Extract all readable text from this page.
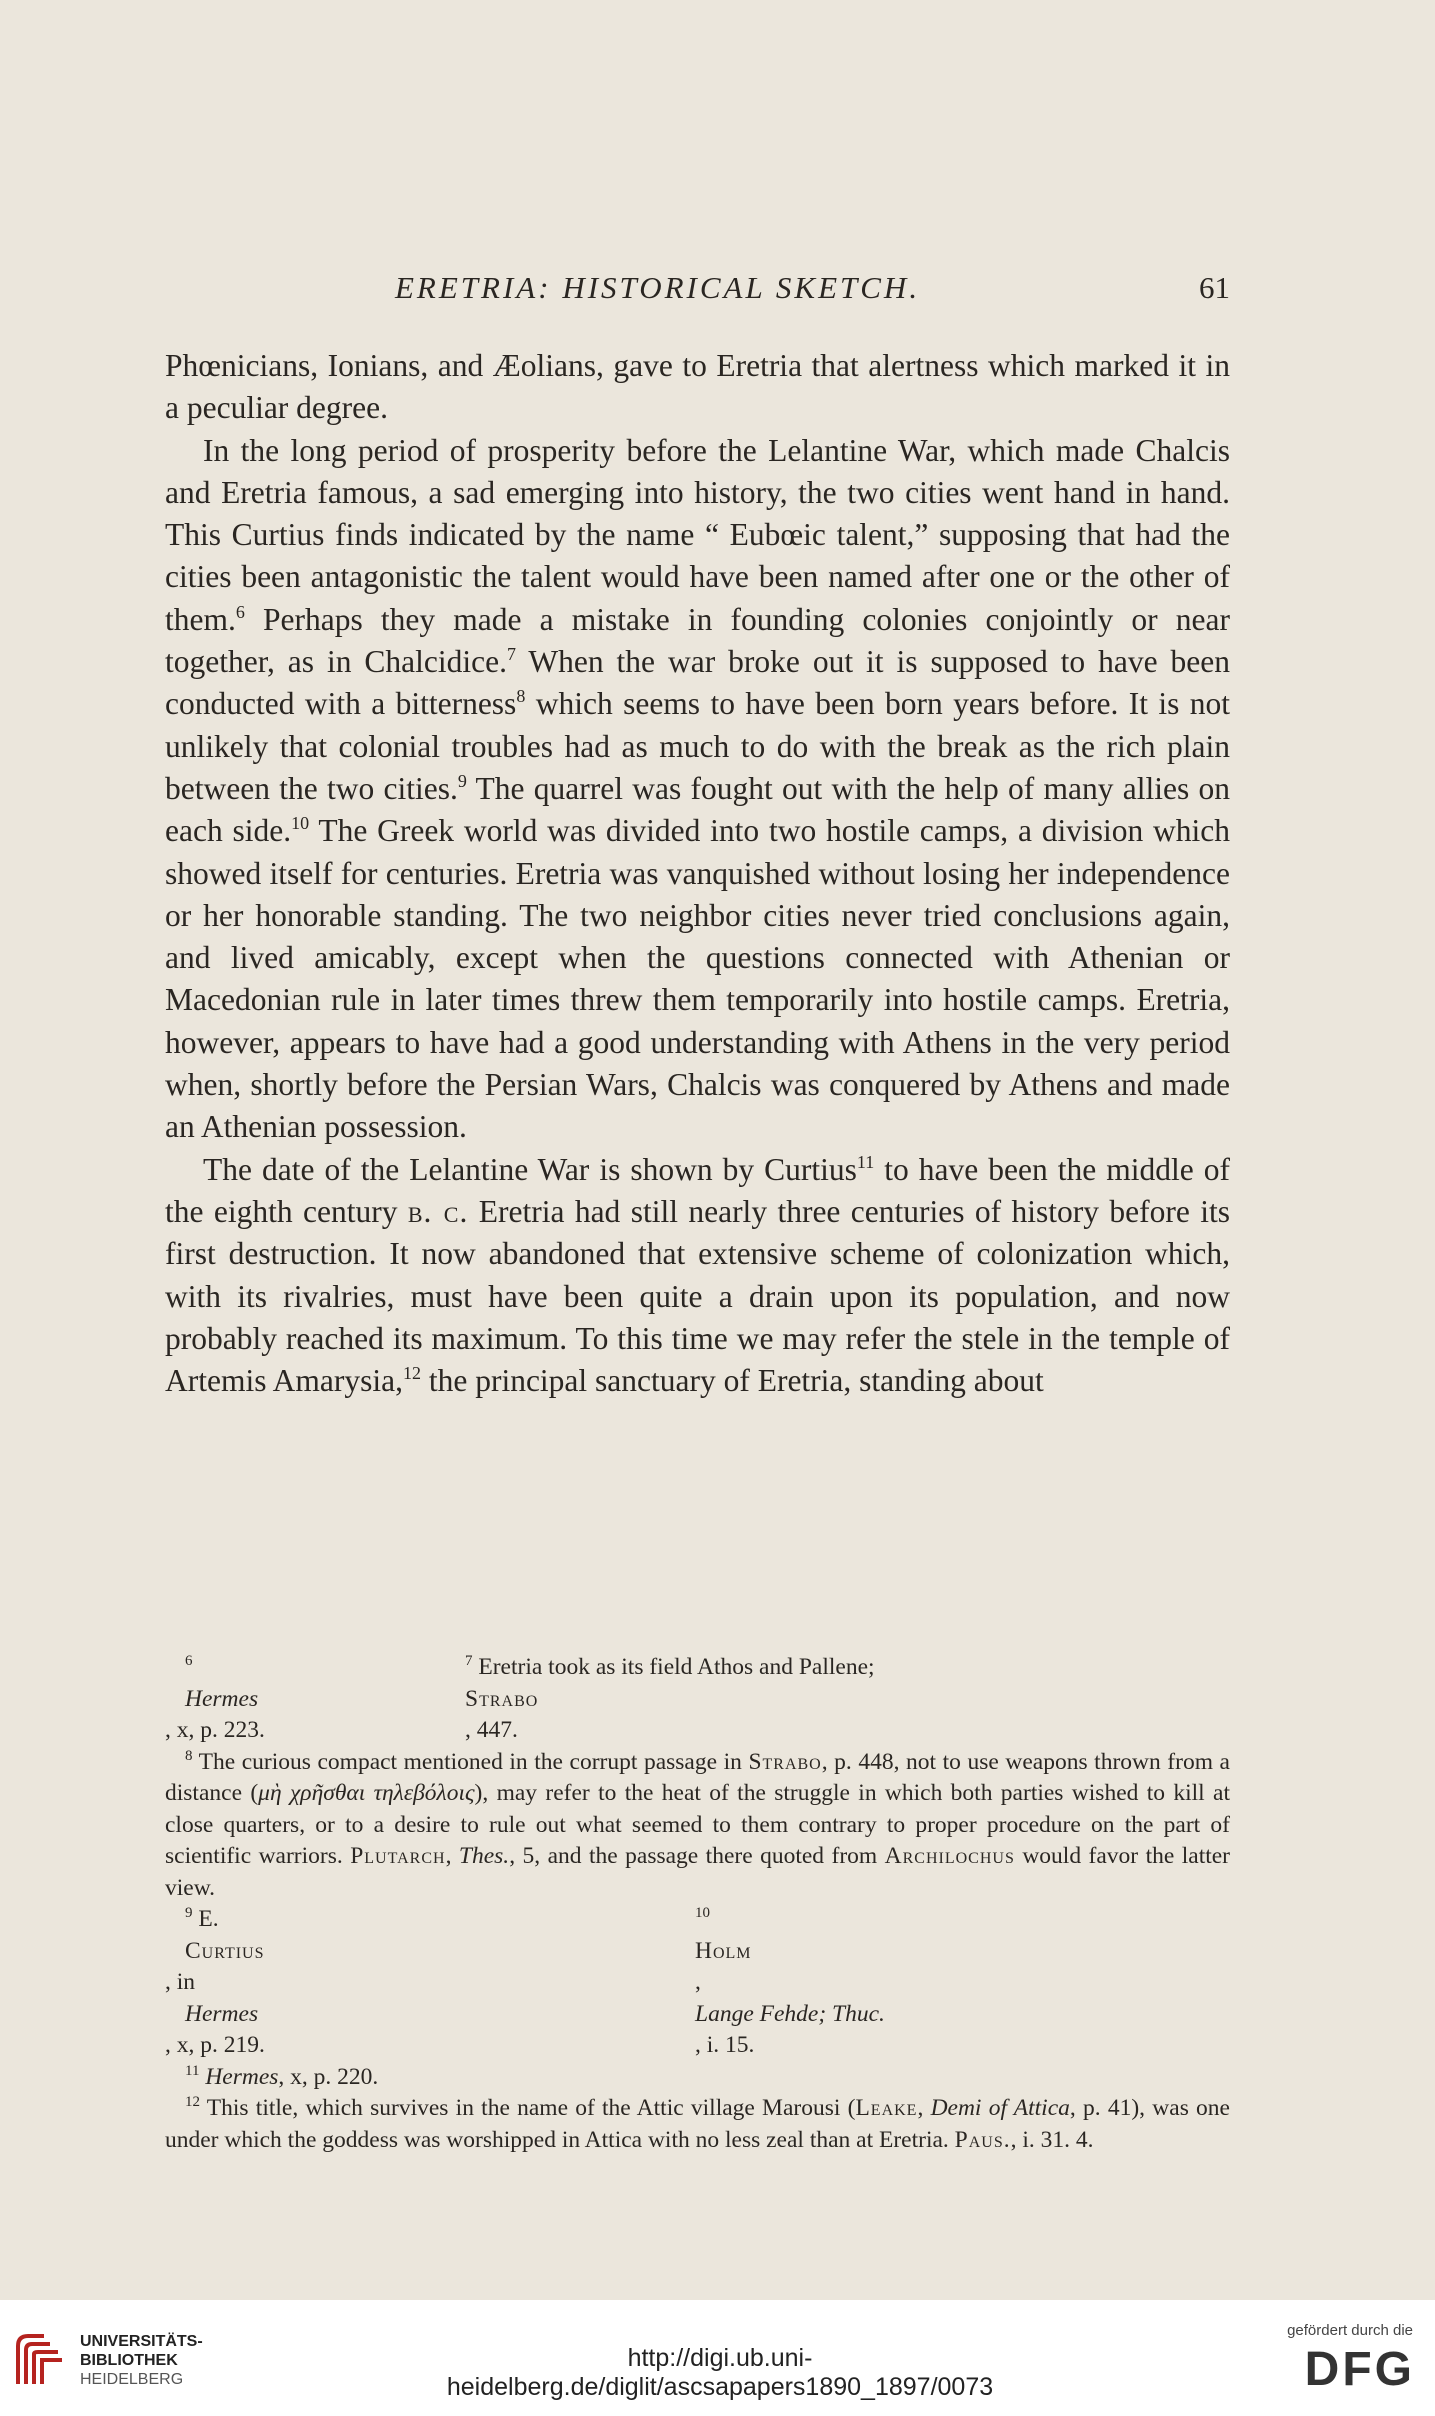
ERETRIA: HISTORICAL SKETCH.	61

Phœnicians, Ionians, and Æolians, gave to Eretria that alertness which marked it in a peculiar degree.

In the long period of prosperity before the Lelantine War, which made Chalcis and Eretria famous, a sad emerging into history, the two cities went hand in hand. This Curtius finds indicated by the name “ Eubœic talent,” supposing that had the cities been antagonistic the talent would have been named after one or the other of them.$^6$ Perhaps they made a mistake in founding colonies conjointly or near together, as in Chalcidice.$^7$ When the war broke out it is supposed to have been conducted with a bitterness$^8$ which seems to have been born years before. It is not unlikely that colonial troubles had as much to do with the break as the rich plain between the two cities.$^9$ The quarrel was fought out with the help of many allies on each side.$^{10}$ The Greek world was divided into two hostile camps, a division which showed itself for centuries. Eretria was vanquished without losing her independence or her honorable standing. The two neighbor cities never tried conclusions again, and lived amicably, except when the questions connected with Athenian or Macedonian rule in later times threw them temporarily into hostile camps. Eretria, however, appears to have had a good understanding with Athens in the very period when, shortly before the Persian Wars, Chalcis was conquered by Athens and made an Athenian possession.

The date of the Lelantine War is shown by Curtius$^{11}$ to have been the middle of the eighth century b. c. Eretria had still nearly three centuries of history before its first destruction. It now abandoned that extensive scheme of colonization which, with its rivalries, must have been quite a drain upon its population, and now probably reached its maximum. To this time we may refer the stele in the temple of Artemis Amarysia,$^{12}$ the principal sanctuary of Eretria, standing about

$^6$
Hermes
, x, p. 223.
$^7$ Eretria took as its field Athos and Pallene;
Strabo
, 447.

$^8$ The curious compact mentioned in the corrupt passage in Strabo, p. 448, not to use weapons thrown from a distance (μὴ χρῆσθαι τηλεβόλοις), may refer to the heat of the struggle in which both parties wished to kill at close quarters, or to a desire to rule out what seemed to them contrary to proper procedure on the part of scientific warriors. Plutarch, Thes., 5, and the passage there quoted from Archilochus would favor the latter view.

$^9$ E.
Curtius
, in
Hermes
, x, p. 219.
$^{10}$
Holm
,
Lange Fehde; Thuc.
, i. 15.

$^{11}$ Hermes, x, p. 220.

$^{12}$ This title, which survives in the name of the Attic village Marousi (Leake, Demi of Attica, p. 41), was one under which the goddess was worshipped in Attica with no less zeal than at Eretria. Paus., i. 31. 4.

UNIVERSITÄTS-
BIBLIOTHEK
HEIDELBERG
http://digi.ub.uni-heidelberg.de/diglit/ascsapapers1890_1897/0073
gefördert durch die
DFG
